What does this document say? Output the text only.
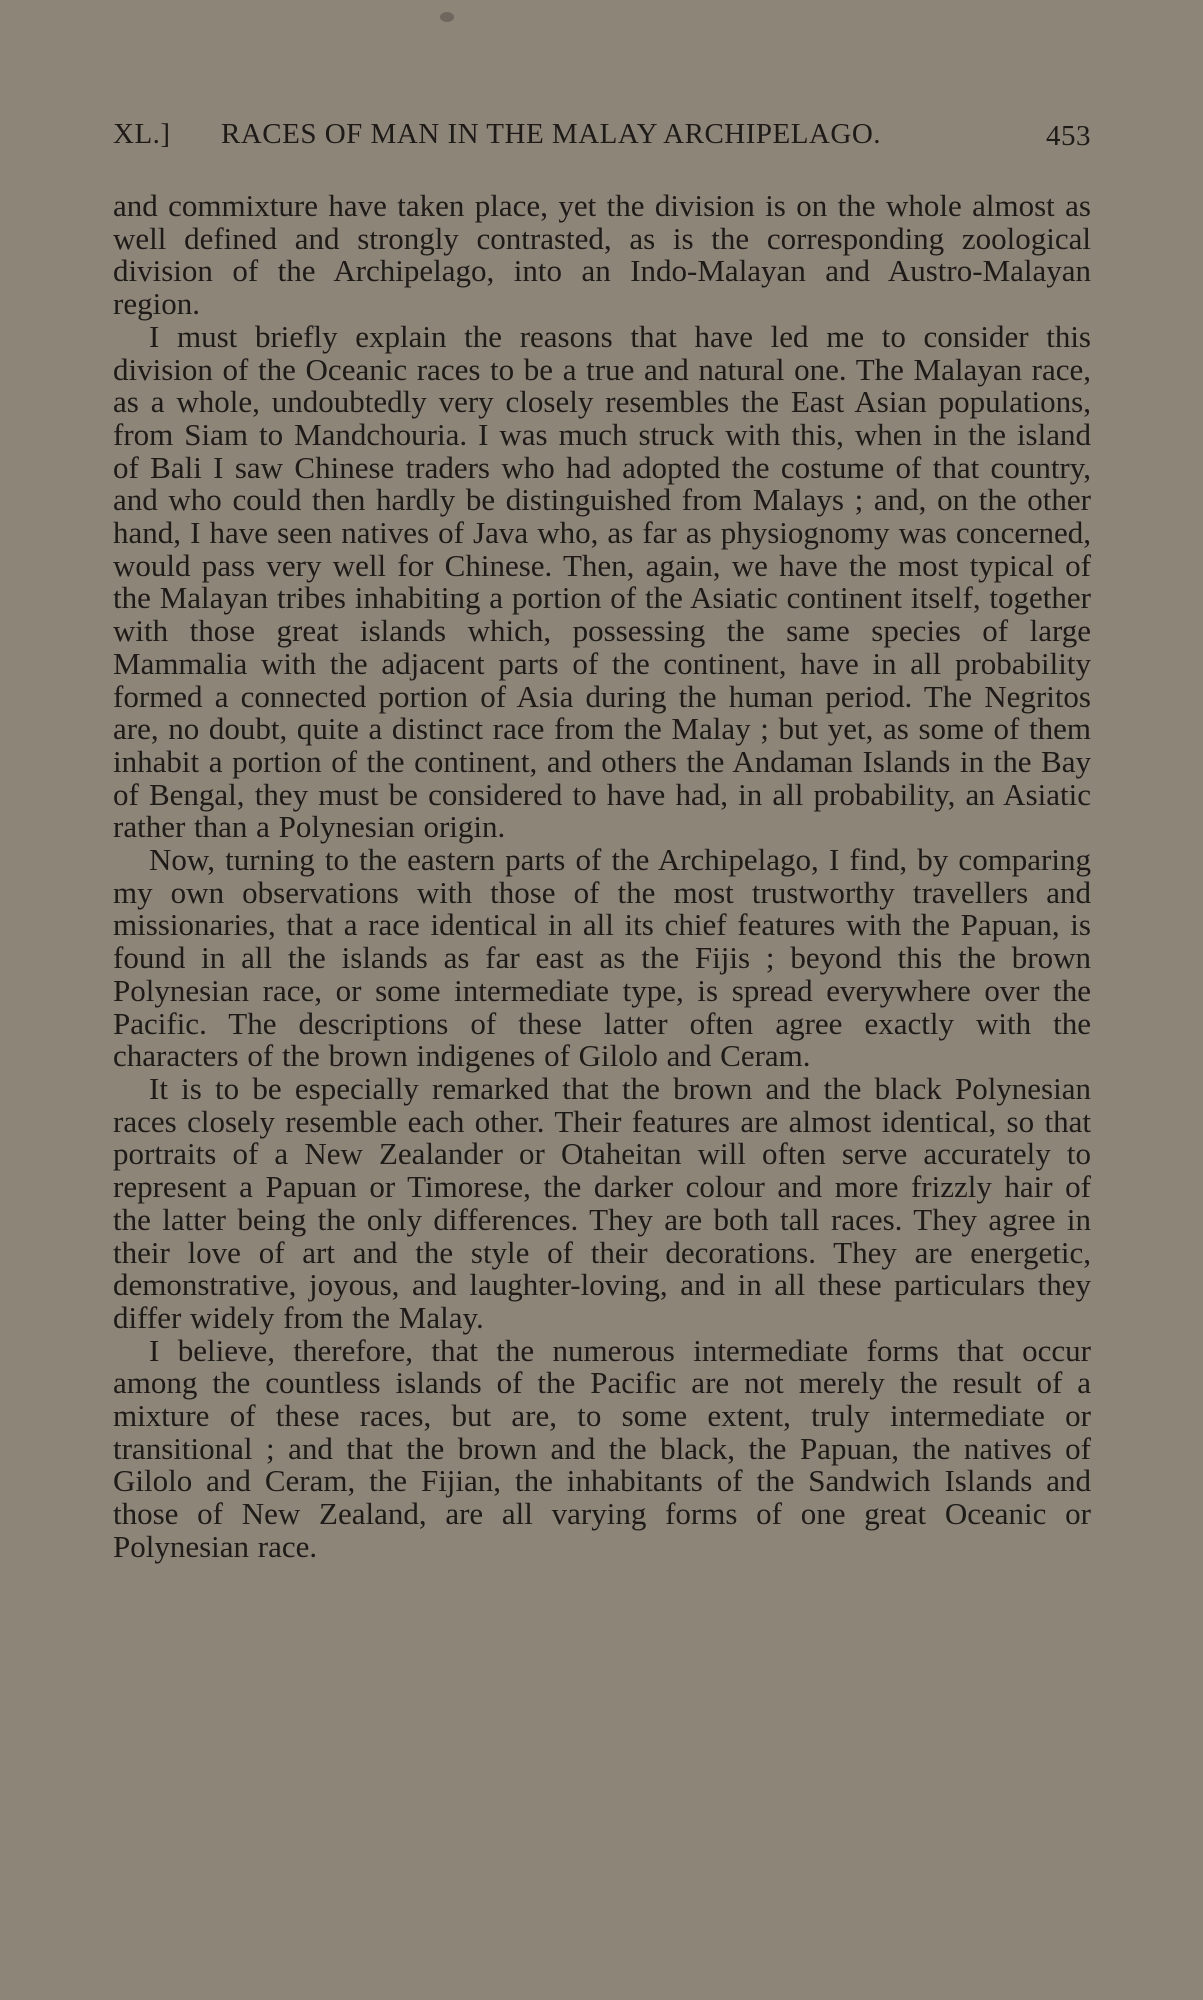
XL.] RACES OF MAN IN THE MALAY ARCHIPELAGO.	453

and commixture have taken place, yet the division is on the whole almost as well defined and strongly contrasted, as is the corresponding zoological division of the Archipelago, into an Indo-Malayan and Austro-Malayan region.

I must briefly explain the reasons that have led me to consider this division of the Oceanic races to be a true and natural one. The Malayan race, as a whole, undoubtedly very closely resembles the East Asian populations, from Siam to Mandchouria. I was much struck with this, when in the island of Bali I saw Chinese traders who had adopted the costume of that country, and who could then hardly be distinguished from Malays ; and, on the other hand, I have seen natives of Java who, as far as physiognomy was concerned, would pass very well for Chinese. Then, again, we have the most typical of the Malayan tribes inhabiting a portion of the Asiatic continent itself, together with those great islands which, possessing the same species of large Mammalia with the adjacent parts of the continent, have in all probability formed a connected portion of Asia during the human period. The Negritos are, no doubt, quite a distinct race from the Malay ; but yet, as some of them inhabit a portion of the continent, and others the Andaman Islands in the Bay of Bengal, they must be considered to have had, in all probability, an Asiatic rather than a Polynesian origin.

Now, turning to the eastern parts of the Archipelago, I find, by comparing my own observations with those of the most trustworthy travellers and missionaries, that a race identical in all its chief features with the Papuan, is found in all the islands as far east as the Fijis ; beyond this the brown Polynesian race, or some intermediate type, is spread everywhere over the Pacific. The descriptions of these latter often agree exactly with the characters of the brown indigenes of Gilolo and Ceram.

It is to be especially remarked that the brown and the black Polynesian races closely resemble each other. Their features are almost identical, so that portraits of a New Zealander or Otaheitan will often serve accurately to represent a Papuan or Timorese, the darker colour and more frizzly hair of the latter being the only differences. They are both tall races. They agree in their love of art and the style of their decorations. They are energetic, demonstrative, joyous, and laughter-loving, and in all these particulars they differ widely from the Malay.

I believe, therefore, that the numerous intermediate forms that occur among the countless islands of the Pacific are not merely the result of a mixture of these races, but are, to some extent, truly intermediate or transitional ; and that the brown and the black, the Papuan, the natives of Gilolo and Ceram, the Fijian, the inhabitants of the Sandwich Islands and those of New Zealand, are all varying forms of one great Oceanic or Polynesian race.
